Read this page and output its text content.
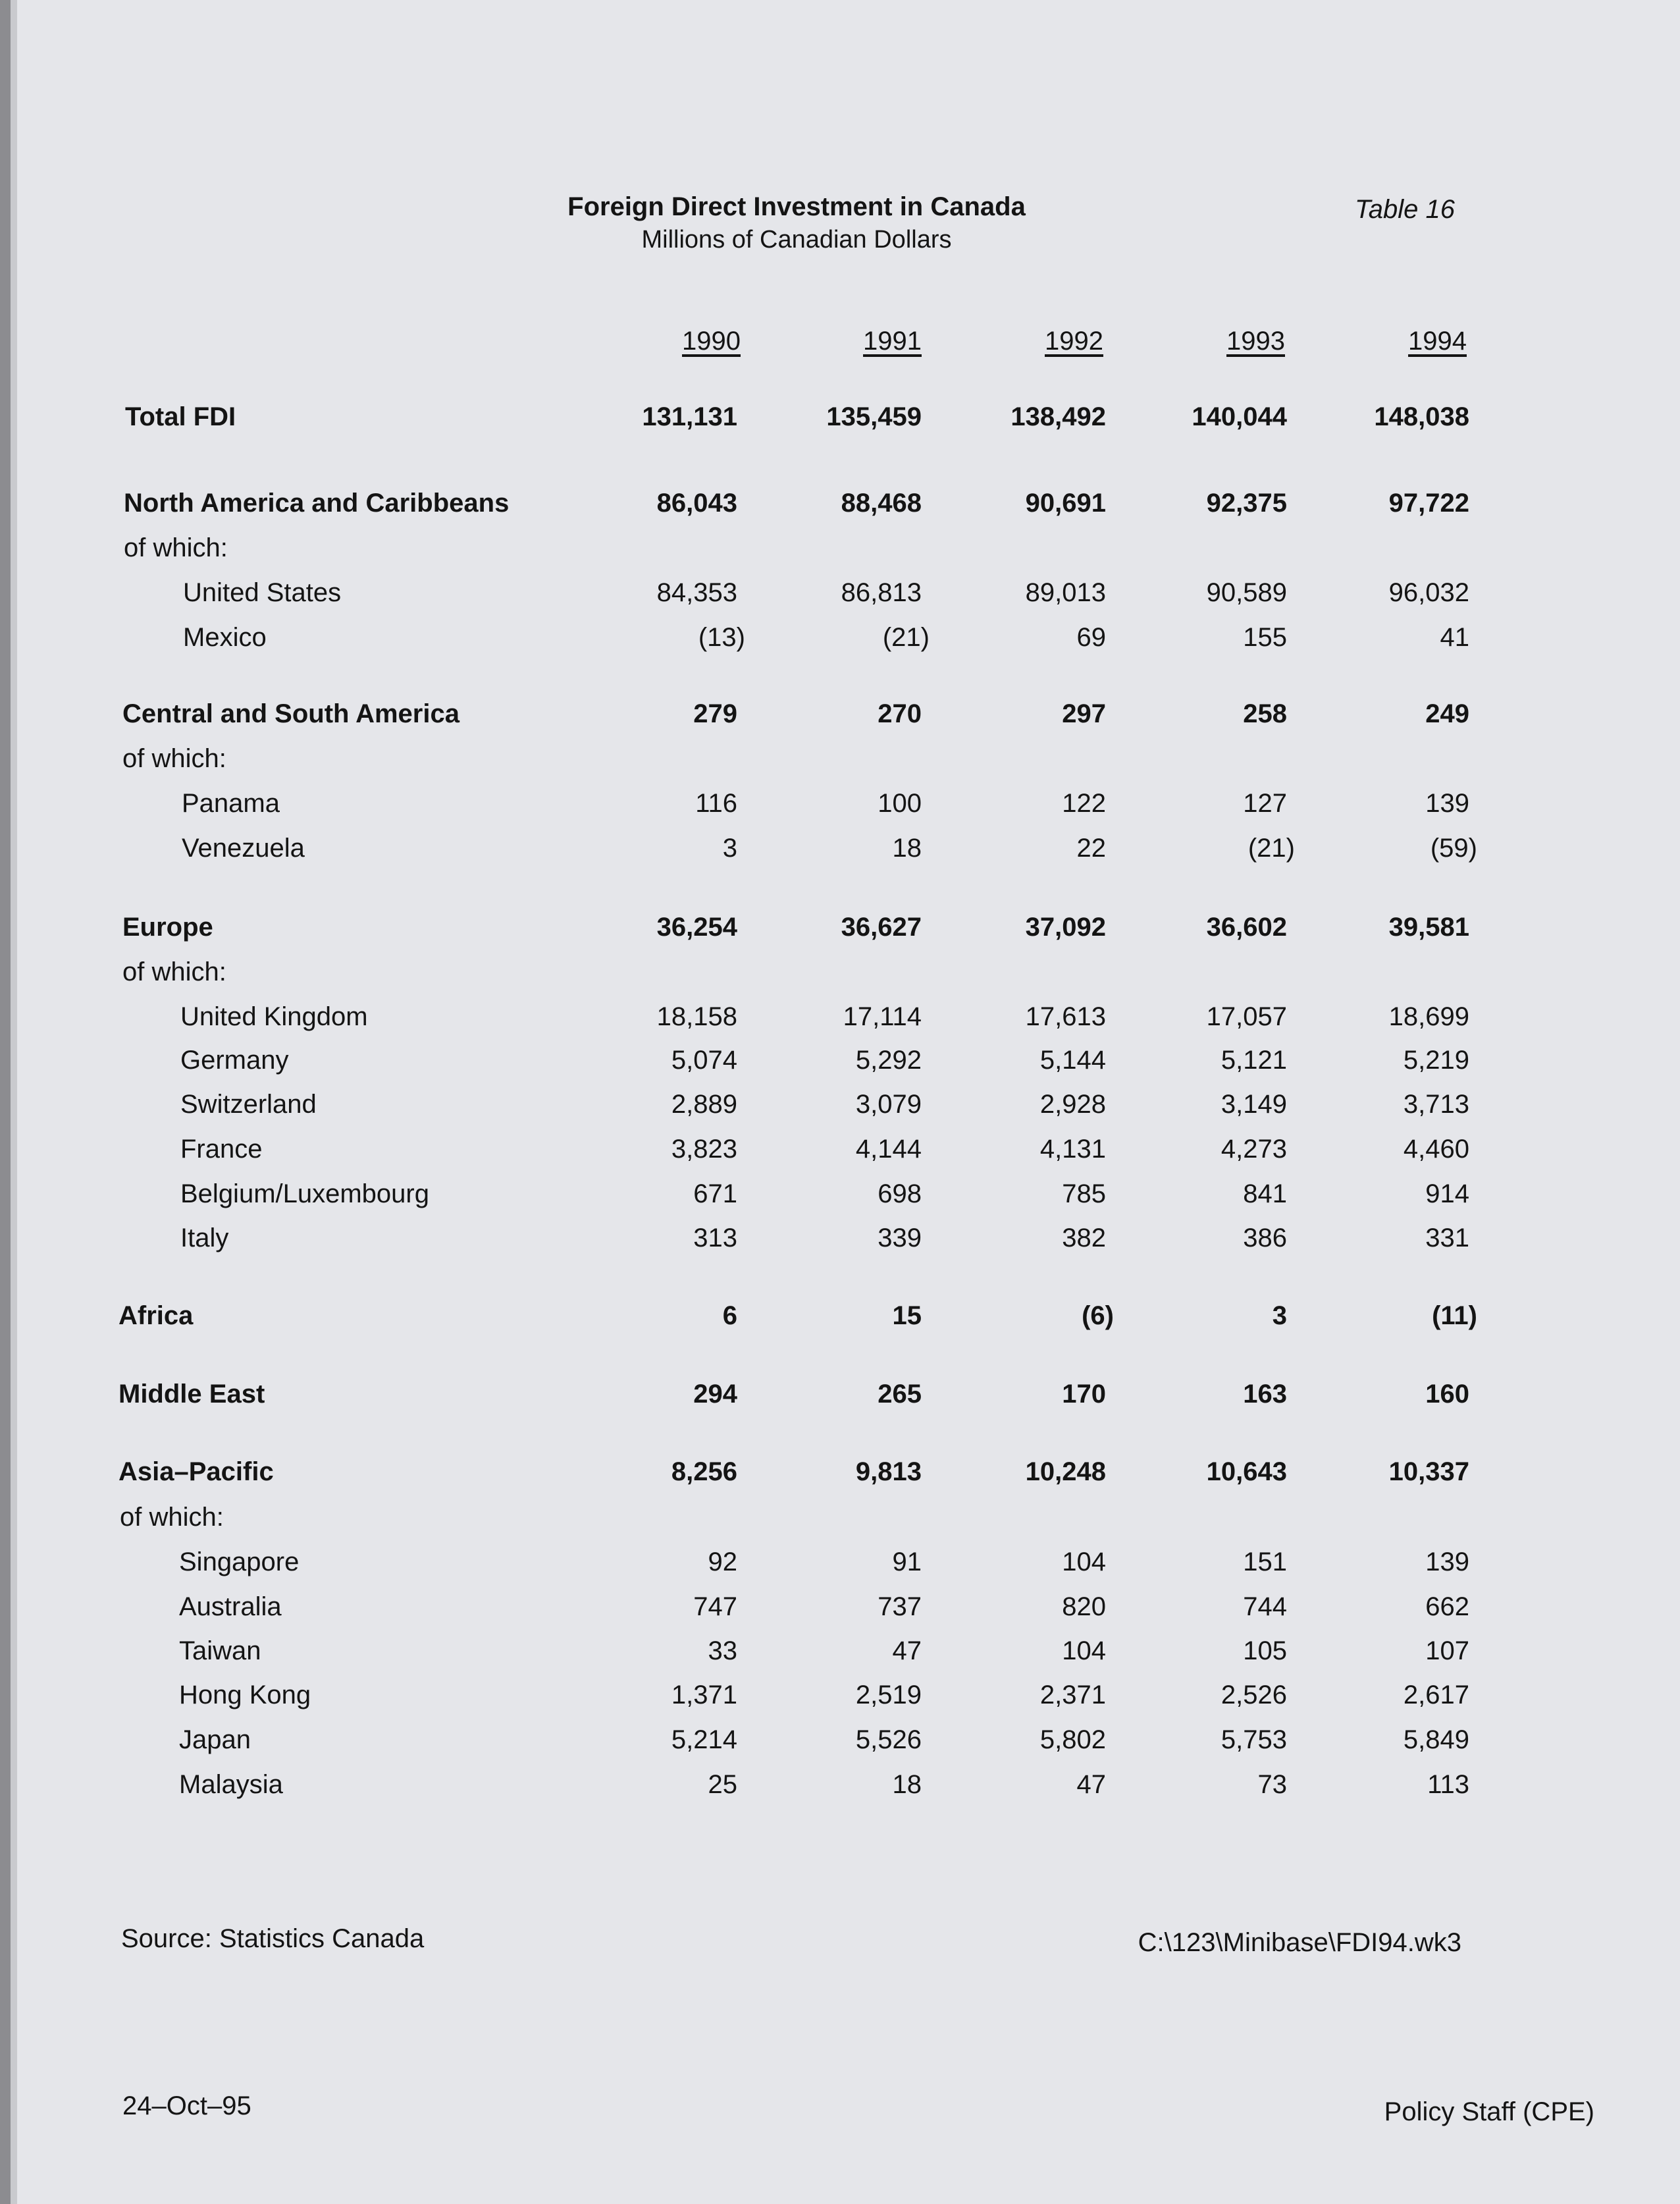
Foreign Direct Investment in Canada
Millions of Canadian Dollars
Table 16
1990	1991	1992	1993	1994
Total FDI	131,131	135,459	138,492	140,044	148,038
North America and Caribbeans	86,043	88,468	90,691	92,375	97,722
of which:
United States	84,353	86,813	89,013	90,589	96,032
Mexico	(13)	(21)	69	155	41
Central and South America	279	270	297	258	249
of which:
Panama	116	100	122	127	139
Venezuela	3	18	22	(21)	(59)
Europe	36,254	36,627	37,092	36,602	39,581
of which:
United Kingdom	18,158	17,114	17,613	17,057	18,699
Germany	5,074	5,292	5,144	5,121	5,219
Switzerland	2,889	3,079	2,928	3,149	3,713
France	3,823	4,144	4,131	4,273	4,460
Belgium/Luxembourg	671	698	785	841	914
Italy	313	339	382	386	331
Africa	6	15	(6)	3	(11)
Middle East	294	265	170	163	160
Asia–Pacific	8,256	9,813	10,248	10,643	10,337
of which:
Singapore	92	91	104	151	139
Australia	747	737	820	744	662
Taiwan	33	47	104	105	107
Hong Kong	1,371	2,519	2,371	2,526	2,617
Japan	5,214	5,526	5,802	5,753	5,849
Malaysia	25	18	47	73	113
Source: Statistics Canada	C:\123\Minibase\FDI94.wk3
24–Oct–95	Policy Staff (CPE)
